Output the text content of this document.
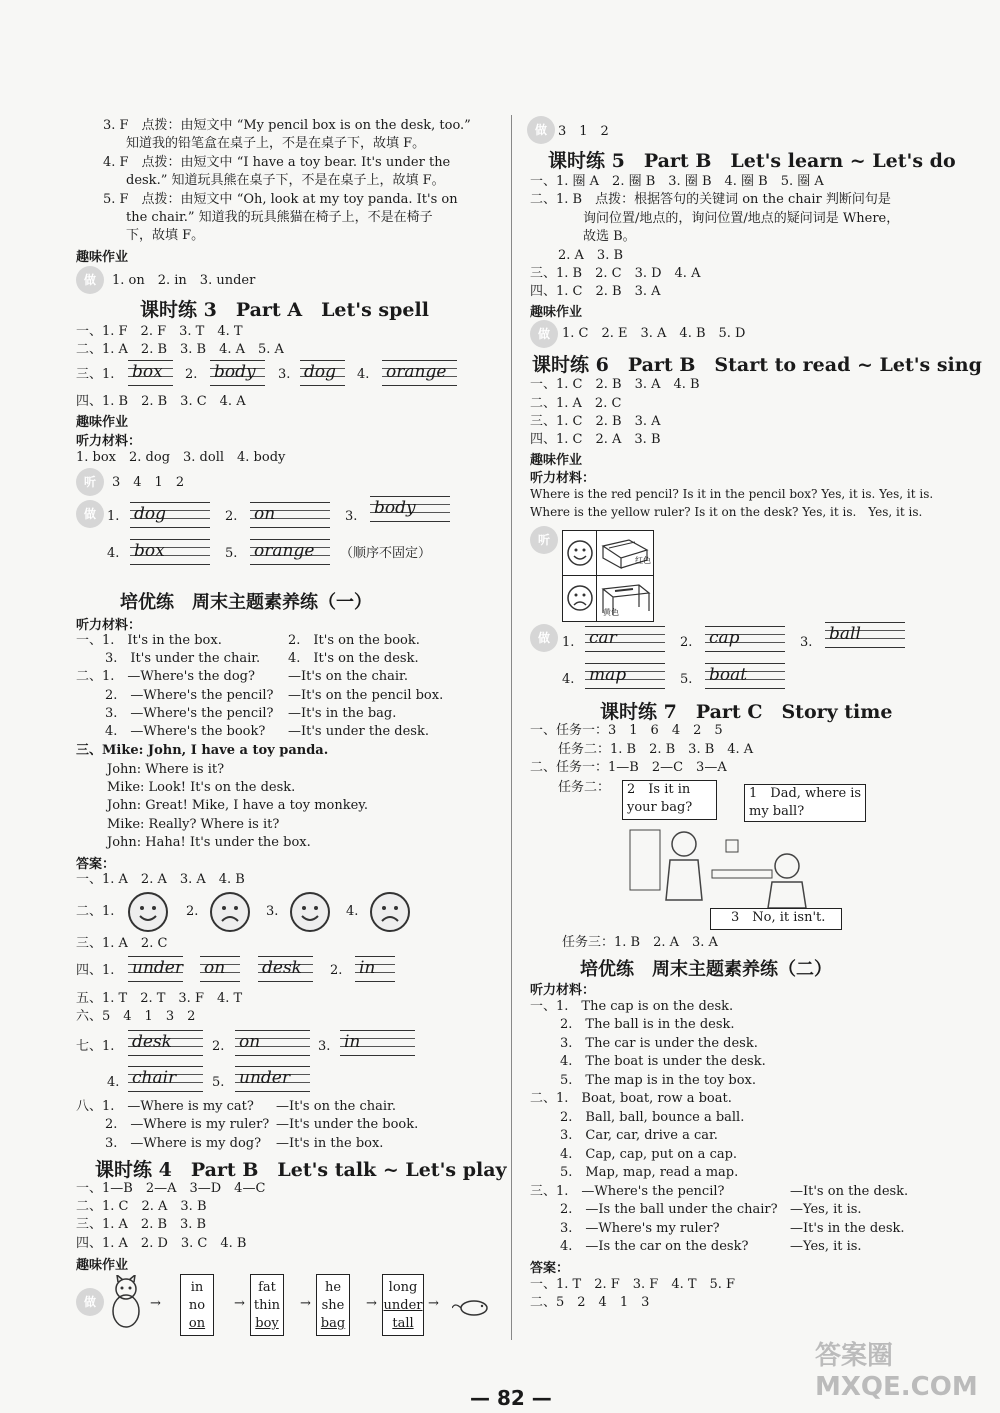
3. F　点拨：由短文中 “My pencil box is on the desk, too.”
知道我的铅笔盒在桌子上，不是在桌子下，故填 F。
4. F　点拨：由短文中 “I have a toy bear. It's under the
desk.” 知道玩具熊在桌子下，不是在桌子上，故填 F。
5. F　点拨：由短文中 “Oh, look at my toy panda. It's on
the chair.” 知道我的玩具熊猫在椅子上，不是在椅子
下，故填 F。
趣味作业
做	1. on　2. in　3. under
课时练 3　Part A　Let's spell
一、1. F　2. F　3. T　4. T
二、1. A　2. B　3. B　4. A　5. A
三、1. box 2. body 3. dog 4. orange
四、1. B　2. B　3. C　4. A
趣味作业
听力材料：
1. box　2. dog　3. doll　4. body
听	3　4　1　2
做 1. dog	2. on	3. body
4. box	5. orange （顺序不固定）
培优练　周末主题素养练（一）
听力材料：
一、1.　It's in the box.	2.　It's on the book.
3.　It's under the chair. 4.　It's on the desk.
二、1.　—Where's the dog?	—It's on the chair.
2.　—Where's the pencil? —It's on the pencil box.
3.　—Where's the pencil? —It's in the bag.
4.　—Where's the book? —It's under the desk.
三、Mike: John, I have a toy panda.
John: Where is it?
Mike: Look! It's on the desk.
John: Great! Mike, I have a toy monkey.
Mike: Really? Where is it?
John: Haha! It's under the box.
答案：
一、1. A　2. A　3. A　4. B
二、1.	2.	3.	4.
三、1. A　2. C
四、1. under on desk 2. in
五、1. T　2. T　3. F　4. T
六、5　4　1　3　2
七、1. desk	2. on	3. in
4. chair	5. under
八、1.　—Where is my cat? —It's on the chair.
2.　—Where is my ruler? —It's under the book.
3.　—Where is my dog? —It's in the box.
课时练 4　Part B　Let's talk ~ Let's play
一、1—B　2—A　3—D　4—C
二、1. C　2. A　3. B
三、1. A　2. B　3. B
四、1. A　2. D　3. C　4. B
趣味作业
做
in
no
on
→
fat
thin
boy
→
he
she
bag
→
long
under
tall
→	→
做 3　1　2
课时练 5　Part B　Let's learn ~ Let's do
一、1. 圈 A　2. 圈 B　3. 圈 B　4. 圈 B　5. 圈 A
二、1. B　点拨：根据答句的关键词 on the chair 判断问句是
询问位置/地点的，询问位置/地点的疑问词是 Where，
故选 B。
2. A　3. B
三、1. B　2. C　3. D　4. A
四、1. C　2. B　3. A
趣味作业
做 1. C　2. E　3. A　4. B　5. D
课时练 6　Part B　Start to read ~ Let's sing
一、1. C　2. B　3. A　4. B
二、1. A　2. C
三、1. C　2. B　3. A
四、1. C　2. A　3. B
趣味作业
听力材料：
Where is the red pencil? Is it in the pencil box? Yes, it is. Yes, it is.
Where is the yellow ruler? Is it on the desk? Yes, it is.　Yes, it is.
听
红色
黄色
做 1. car	2. cap	3. ball
4. map	5. boat
课时练 7　Part C　Story time
一、任务一：3　1　6　4　2　5
任务二：1. B　2. B　3. B　4. A
二、任务一：1—B　2—C　3—A
任务二：	2　Is it in your bag?
1　Dad, where is my ball?
3　No, it isn't.
任务三：1. B　2. A　3. A
培优练　周末主题素养练（二）
听力材料：
一、1.　The cap is on the desk.
2.　The ball is in the desk.
3.　The car is under the desk.
4.　The boat is under the desk.
5.　The map is in the toy box.
二、1.　Boat, boat, row a boat.
2.　Ball, ball, bounce a ball.
3.　Car, car, drive a car.
4.　Cap, cap, put on a cap.
5.　Map, map, read a map.
三、1.　—Where's the pencil?	—It's on the desk.
2.　—Is the ball under the chair? —Yes, it is.
3.　—Where's my ruler?	—It's in the desk.
4.　—Is the car on the desk?	—Yes, it is.
答案：
一、1. T　2. F　3. F　4. T　5. F
二、5　2　4　1　3
— 82 —
答案圈 MXQE.COM
